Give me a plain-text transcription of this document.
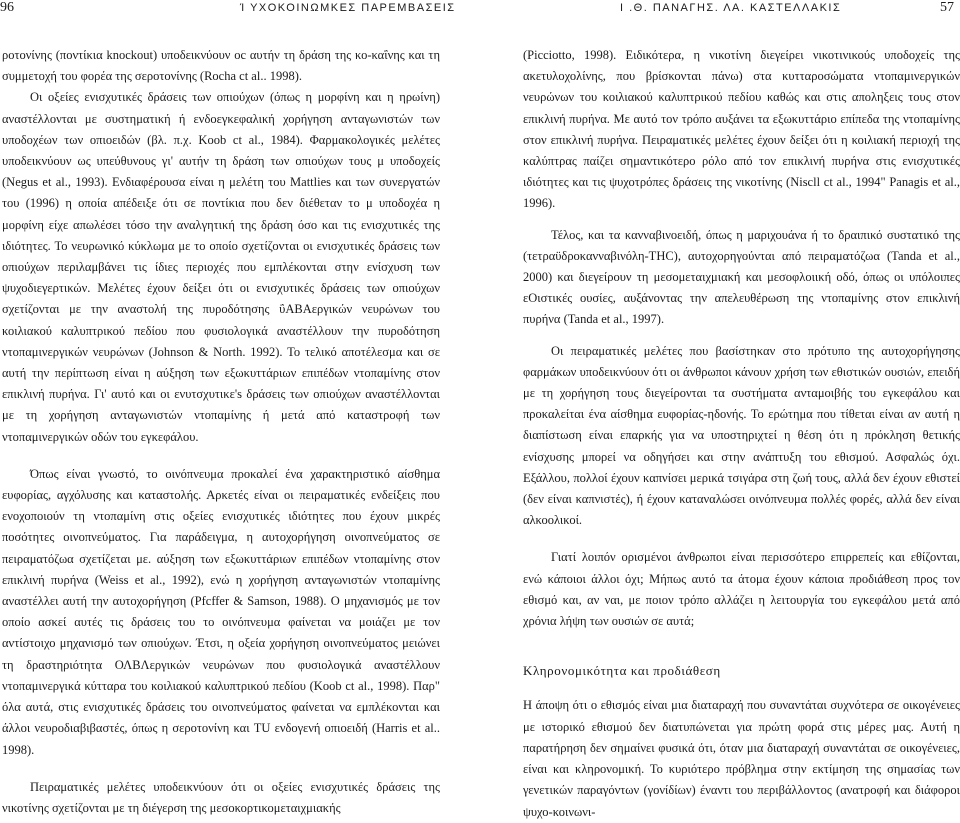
96	Ί ΥΧΟΚΟΙΝΩΜΚΕΣ ΠΑΡΕΜΒΑΣΕΙΣ	Ι .Θ. ΠΑΝΑΓΗΣ. ΛΑ. ΚΑΣΤΕΛΛΑΚΙΣ	57

ροτονίνης (ποντίκια knockout) υποδεικνύουν oc αυτήν τη δράση της κο-καΐνης και τη συμμετοχή του φορέα της σεροτονίνης (Rocha ct al.. 1998).

Οι οξείες ενισχυτικές δράσεις των οπιούχων (όπως η μορφίνη και η ηρωίνη) αναστέλλονται με συστηματική ή ενδοεγκεφαλική χορήγηση ανταγωνιστών των υποδοχέων των οπιοειδών (βλ. π.χ. Koob ct al., 1984). Φαρμακολογικές μελέτες υποδεικνύουν ως υπεύθυνους γι' αυτήν τη δράση των οπιούχων τους μ υποδοχείς (Negus et al., 1993). Ενδιαφέρουσα είναι η μελέτη του Mattlies και των συνεργατών του (1996) η οποία απέδειξε ότι σε ποντίκια που δεν διέθεταν το μ υποδοχέα η μορφίνη είχε απωλέσει τόσο την αναλγητική της δράση όσο και τις ενισχυτικές της ιδιότητες. Το νευρωνικό κύκλωμα με το οποίο σχετίζονται οι ενισχυτικές δράσεις των οπιούχων περιλαμβάνει τις ίδιες περιοχές που εμπλέκονται στην ενίσχυση των ψυχοδιεγερτικών. Μελέτες έχουν δείξει ότι οι ενισχυτικές δράσεις των οπιούχων σχετίζονται με την αναστολή της πυροδότησης ΰΑΒΑεργικών νευρώνων του κοιλιακού καλυπτρικού πεδίου που φυσιολογικά αναστέλλουν την πυροδότηση ντοπαμινεργικών νευρώνων (Johnson & North. 1992). Το τελικό αποτέλεσμα και σε αυτή την περίπτωση είναι η αύξηση των εξωκυττάριων επιπέδων ντοπαμίνης στον επικλινή πυρήνα. Γι' αυτό και οι ενυτσχυτικε's δράσεις των οπιούχων αναστέλλονται με τη χορήγηση ανταγωνιστών ντοπαμίνης ή μετά από καταστροφή των ντοπαμινεργικών οδών του εγκεφάλου.

Όπως είναι γνωστό, το οινόπνευμα προκαλεί ένα χαρακτηριστικό αίσθημα ευφορίας, αγχόλυσης και καταστολής. Αρκετές είναι οι πειραματικές ενδείξεις που ενοχοποιούν τη ντοπαμίνη στις οξείες ενισχυτικές ιδιότητες που έχουν μικρές ποσότητες οινοπνεύματος. Για παράδειγμα, η αυτοχορήγηση οινοπνεύματος σε πειραματόζωα σχετίζεται με. αύξηση των εξωκυττάριων επιπέδων ντοπαμίνης στον επικλινή πυρήνα (Weiss et al., 1992), ενώ η χορήγηση ανταγωνιστών ντοπαμίνης αναστέλλει αυτή την αυτοχορήγηση (Pfcffer & Samson, 1988). Ο μηχανισμός με τον οποίο ασκεί αυτές τις δράσεις του το οινόπνευμα φαίνεται να μοιάζει με τον αντίστοιχο μηχανισμό των οπιούχων. Έτσι, η οξεία χορήγηση οινοπνεύματος μειώνει τη δραστηριότητα ΟΛΒΛεργικών νευρώνων που φυσιολογικά αναστέλλουν ντοπαμινεργικά κύτταρα του κοιλιακού καλυπτρικού πεδίου (Koob ct al., 1998). Παρ" όλα αυτά, στις ενισχυτικές δράσεις του οινοπνεύματος φαίνεται να εμπλέκονται και άλλοι νευροδιαβιβαστές, όπως η σεροτονίνη και TU ενδογενή οπιοειδή (Harris et al.. 1998).

Πειραματικές μελέτες υποδεικνύουν ότι οι οξείες ενισχυτικές δράσεις της νικοτίνης σχετίζονται με τη διέγερση της μεσοκορτικομεταιχμιακής

(Picciotto, 1998). Ειδικότερα, η νικοτίνη διεγείρει νικοτινικούς υποδοχείς της ακετυλοχολίνης, που βρίσκονται πάνω) στα κυτταροσώματα ντοπαμινεργικών νευρώνων του κοιλιακού καλυπτρικού πεδίου καθώς και στις αποληξεις τους στον επικλινή πυρήνα. Με αυτό τον τρόπο αυξάνει τα εξωκυττάριο επίπεδα της ντοπαμίνης στον επικλινή πυρήνα. Πειραματικές μελέτες έχουν δείξει ότι η κοιλιακή περιοχή της καλύπτρας παίζει σημαντικότερο ρόλο από τον επικλινή πυρήνα στις ενισχυτικές ιδιότητες και τις ψυχοτρόπες δράσεις της νικοτίνης (Niscll ct al., 1994" Panagis et al., 1996).

Τέλος, και τα κανναβινοειδή, όπως η μαριχουάνα ή το δραιπικό συστατικό της (τετραϋδροκανναβινόλη-THC), αυτοχορηγούνται από πειραματόζωα (Tanda et al., 2000) και διεγείρουν τη μεσομεταιχμιακή και μεσοφλοιική οδό, όπως οι υπόλοιπες εΟιστικές ουσίες, αυξάνοντας την απελευθέρωση της ντοπαμίνης στον επικλινή πυρήνα (Tanda et al., 1997).

Οι πειραματικές μελέτες που βασίστηκαν στο πρότυπο της αυτοχορήγησης φαρμάκων υποδεικνύουν ότι οι άνθρωποι κάνουν χρήση των εθιστικών ουσιών, επειδή με τη χορήγηση τους διεγείρονται τα συστήματα ανταμοιβής του εγκεφάλου και προκαλείται ένα αίσθημα ευφορίας-ηδονής. Το ερώτημα που τίθεται είναι αν αυτή η διαπίστωση είναι επαρκής για να υποστηριχτεί η θέση ότι η πρόκληση θετικής ενίσχυσης μπορεί να οδηγήσει και στην ανάπτυξη του εθισμού. Ασφαλώς όχι. Εξάλλου, πολλοί έχουν καπνίσει μερικά τσιγάρα στη ζωή τους, αλλά δεν έχουν εθιστεί (δεν είναι καπνιστές), ή έχουν καταναλώσει οινόπνευμα πολλές φορές, αλλά δεν είναι αλκοολικοί.

Γιατί λοιπόν ορισμένοι άνθρωποι είναι περισσότερο επιρρεπείς και εθίζονται, ενώ κάποιοι άλλοι όχι; Μήπως αυτό τα άτομα έχουν κάποια προδιάθεση προς τον εθισμό και, αν ναι, με ποιον τρόπο αλλάζει η λειτουργία του εγκεφάλου μετά από χρόνια λήψη των ουσιών σε αυτά;

Κληρονομικότητα και προδιάθεση

Η άποψη ότι ο εθισμός είναι μια διαταραχή που συναντάται συχνότερα σε οικογένειες με ιστορικό εθισμού δεν διατυπώνεται για πρώτη φορά στις μέρες μας. Αυτή η παρατήρηση δεν σημαίνει φυσικά ότι, όταν μια διαταραχή συναντάται σε οικογένειες, είναι και κληρονομική. Το κυριότερο πρόβλημα στην εκτίμηση της σημασίας των γενετικών παραγόντων (γονίδίων) έναντι του περιβάλλοντος (ανατροφή και διάφοροι ψυχο-κοινωνι-
